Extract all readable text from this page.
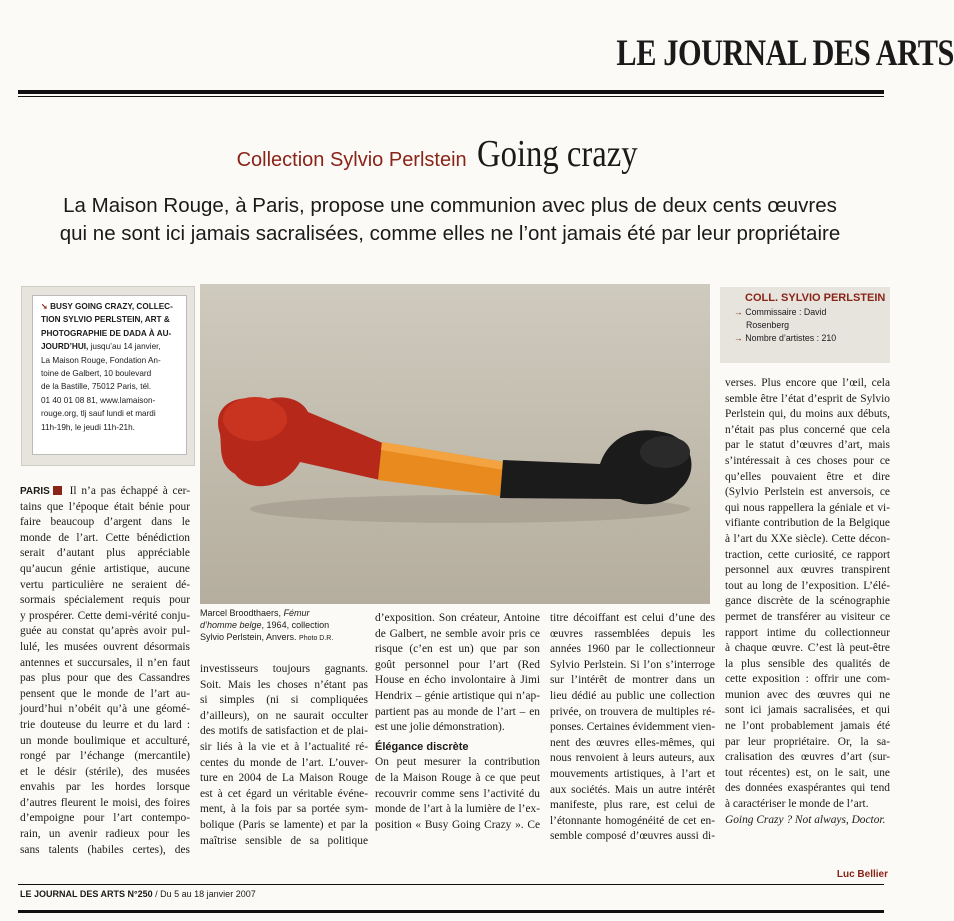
LE JOURNAL DES ARTS
Collection Sylvio Perlstein Going crazy
La Maison Rouge, à Paris, propose une communion avec plus de deux cents œuvres
qui ne sont ici jamais sacralisées, comme elles ne l’ont jamais été par leur propriétaire
➘ BUSY GOING CRAZY, COLLEC-
TION SYLVIO PERLSTEIN, ART &
PHOTOGRAPHIE DE DADA À AU-
JOURD’HUI, jusqu’au 14 janvier,
La Maison Rouge, Fondation An-
toine de Galbert, 10 boulevard
de la Bastille, 75012 Paris, tél.
01 40 01 08 81, www.lamaison-
rouge.org, tlj sauf lundi et mardi
11h-19h, le jeudi 11h-21h.
Marcel Broodthaers, Fémur
d’homme belge, 1964, collection
Sylvio Perlstein, Anvers. Photo D.R.
COLL. SYLVIO PERLSTEIN
→ Commissaire : David
Rosenberg
→ Nombre d’artistes : 210
PARIS Il n’a pas échappé à cer-
tains que l’époque était bénie pour
faire beaucoup d’argent dans le
monde de l’art. Cette bénédiction
serait d’autant plus appréciable
qu’aucun génie artistique, aucune
vertu particulière ne seraient dé-
sormais spécialement requis pour
y prospérer. Cette demi-vérité conju-
guée au constat qu’après avoir pul-
lulé, les musées ouvrent désormais
antennes et succursales, il n’en faut
pas plus pour que des Cassandres
pensent que le monde de l’art au-
jourd’hui n’obéit qu’à une géomé-
trie douteuse du leurre et du lard :
un monde boulimique et acculturé,
rongé par l’échange (mercantile)
et le désir (stérile), des musées
envahis par les hordes lorsque
d’autres fleurent le moisi, des foires
d’empoigne pour l’art contempo-
rain, un avenir radieux pour les
sans talents (habiles certes), des
investisseurs toujours gagnants.
Soit. Mais les choses n’étant pas
si simples (ni si compliquées
d’ailleurs), on ne saurait occulter
des motifs de satisfaction et de plai-
sir liés à la vie et à l’actualité ré-
centes du monde de l’art. L’ouver-
ture en 2004 de La Maison Rouge
est à cet égard un véritable événe-
ment, à la fois par sa portée sym-
bolique (Paris se lamente) et par la
maîtrise sensible de sa politique
d’exposition. Son créateur, Antoine
de Galbert, ne semble avoir pris ce
risque (c’en est un) que par son
goût personnel pour l’art (Red
House en écho involontaire à Jimi
Hendrix – génie artistique qui n’ap-
partient pas au monde de l’art – en
est une jolie démonstration).
Élégance discrète
On peut mesurer la contribution
de la Maison Rouge à ce que peut
recouvrir comme sens l’activité du
monde de l’art à la lumière de l’ex-
position « Busy Going Crazy ». Ce
titre décoiffant est celui d’une des
œuvres rassemblées depuis les
années 1960 par le collectionneur
Sylvio Perlstein. Si l’on s’interroge
sur l’intérêt de montrer dans un
lieu dédié au public une collection
privée, on trouvera de multiples ré-
ponses. Certaines évidemment vien-
nent des œuvres elles-mêmes, qui
nous renvoient à leurs auteurs, aux
mouvements artistiques, à l’art et
aux sociétés. Mais un autre intérêt
manifeste, plus rare, est celui de
l’étonnante homogénéité de cet en-
semble composé d’œuvres aussi di-
verses. Plus encore que l’œil, cela
semble être l’état d’esprit de Sylvio
Perlstein qui, du moins aux débuts,
n’était pas plus concerné que cela
par le statut d’œuvres d’art, mais
s’intéressait à ces choses pour ce
qu’elles pouvaient être et dire
(Sylvio Perlstein est anversois, ce
qui nous rappellera la géniale et vi-
vifiante contribution de la Belgique
à l’art du XXe siècle). Cette décon-
traction, cette curiosité, ce rapport
personnel aux œuvres transpirent
tout au long de l’exposition. L’élé-
gance discrète de la scénographie
permet de transférer au visiteur ce
rapport intime du collectionneur
à chaque œuvre. C’est là peut-être
la plus sensible des qualités de
cette exposition : offrir une com-
munion avec des œuvres qui ne
sont ici jamais sacralisées, et qui
ne l’ont probablement jamais été
par leur propriétaire. Or, la sa-
cralisation des œuvres d’art (sur-
tout récentes) est, on le sait, une
des données exaspérantes qui tend
à caractériser le monde de l’art.
Going Crazy ? Not always, Doctor.
Luc Bellier
LE JOURNAL DES ARTS N°250 / Du 5 au 18 janvier 2007
